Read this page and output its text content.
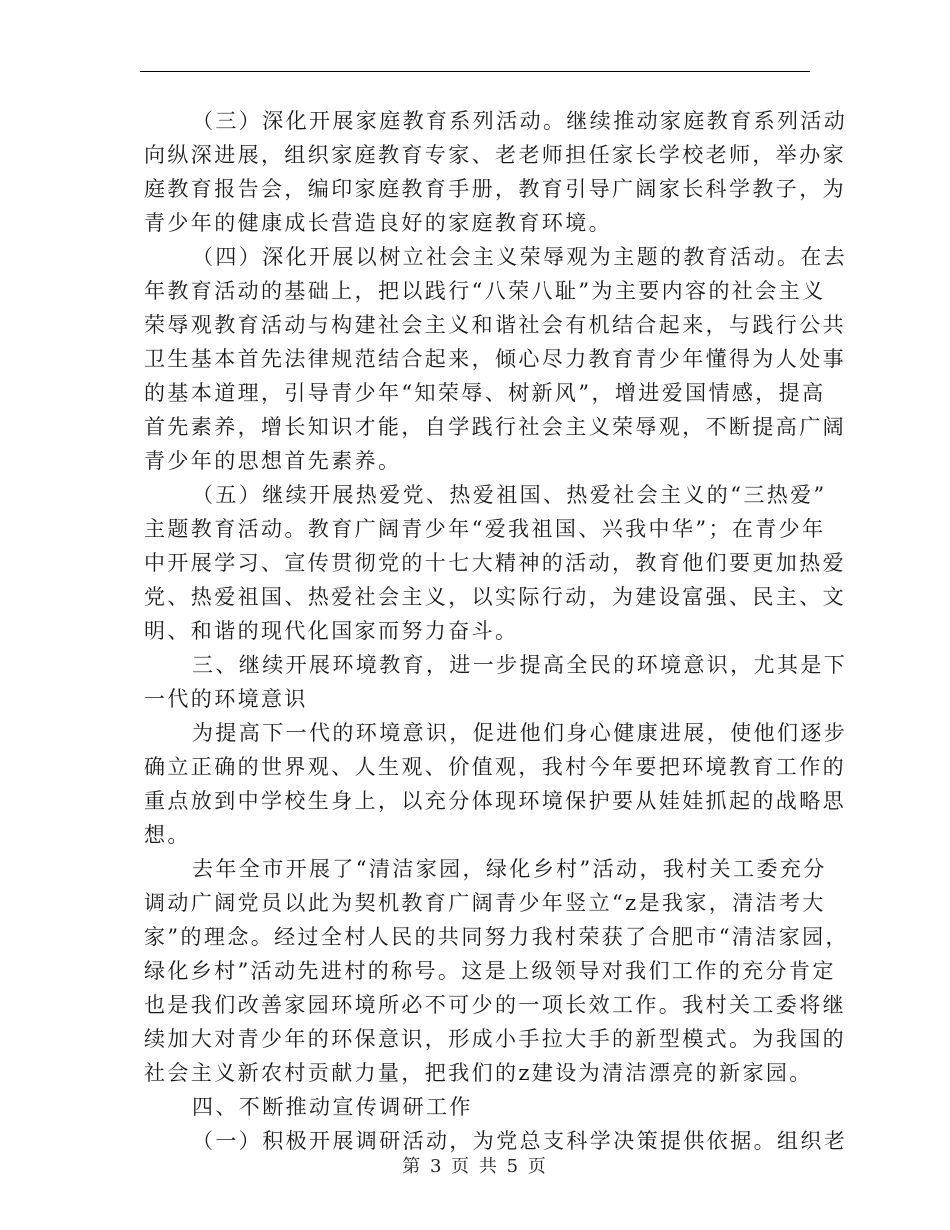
（三）深化开展家庭教育系列活动。继续推动家庭教育系列活动
向纵深进展，组织家庭教育专家、老老师担任家长学校老师，举办家
庭教育报告会，编印家庭教育手册，教育引导广阔家长科学教子，为
青少年的健康成长营造良好的家庭教育环境。
（四）深化开展以树立社会主义荣辱观为主题的教育活动。在去
年教育活动的基础上，把以践行“八荣八耻”为主要内容的社会主义
荣辱观教育活动与构建社会主义和谐社会有机结合起来，与践行公共
卫生基本首先法律规范结合起来，倾心尽力教育青少年懂得为人处事
的基本道理，引导青少年“知荣辱、树新风”，增进爱国情感，提高
首先素养，增长知识才能，自学践行社会主义荣辱观，不断提高广阔
青少年的思想首先素养。
（五）继续开展热爱党、热爱祖国、热爱社会主义的“三热爱”
主题教育活动。教育广阔青少年“爱我祖国、兴我中华”；在青少年
中开展学习、宣传贯彻党的十七大精神的活动，教育他们要更加热爱
党、热爱祖国、热爱社会主义，以实际行动，为建设富强、民主、文
明、和谐的现代化国家而努力奋斗。
三、继续开展环境教育，进一步提高全民的环境意识，尤其是下
一代的环境意识
为提高下一代的环境意识，促进他们身心健康进展，使他们逐步
确立正确的世界观、人生观、价值观，我村今年要把环境教育工作的
重点放到中学校生身上，以充分体现环境保护要从娃娃抓起的战略思
想。
去年全市开展了“清洁家园，绿化乡村”活动，我村关工委充分
调动广阔党员以此为契机教育广阔青少年竖立“z是我家，清洁考大
家”的理念。经过全村人民的共同努力我村荣获了合肥市“清洁家园，
绿化乡村”活动先进村的称号。这是上级领导对我们工作的充分肯定
也是我们改善家园环境所必不可少的一项长效工作。我村关工委将继
续加大对青少年的环保意识，形成小手拉大手的新型模式。为我国的
社会主义新农村贡献力量，把我们的z建设为清洁漂亮的新家园。
四、不断推动宣传调研工作
（一）积极开展调研活动，为党总支科学决策提供依据。组织老
第 3 页 共 5 页
